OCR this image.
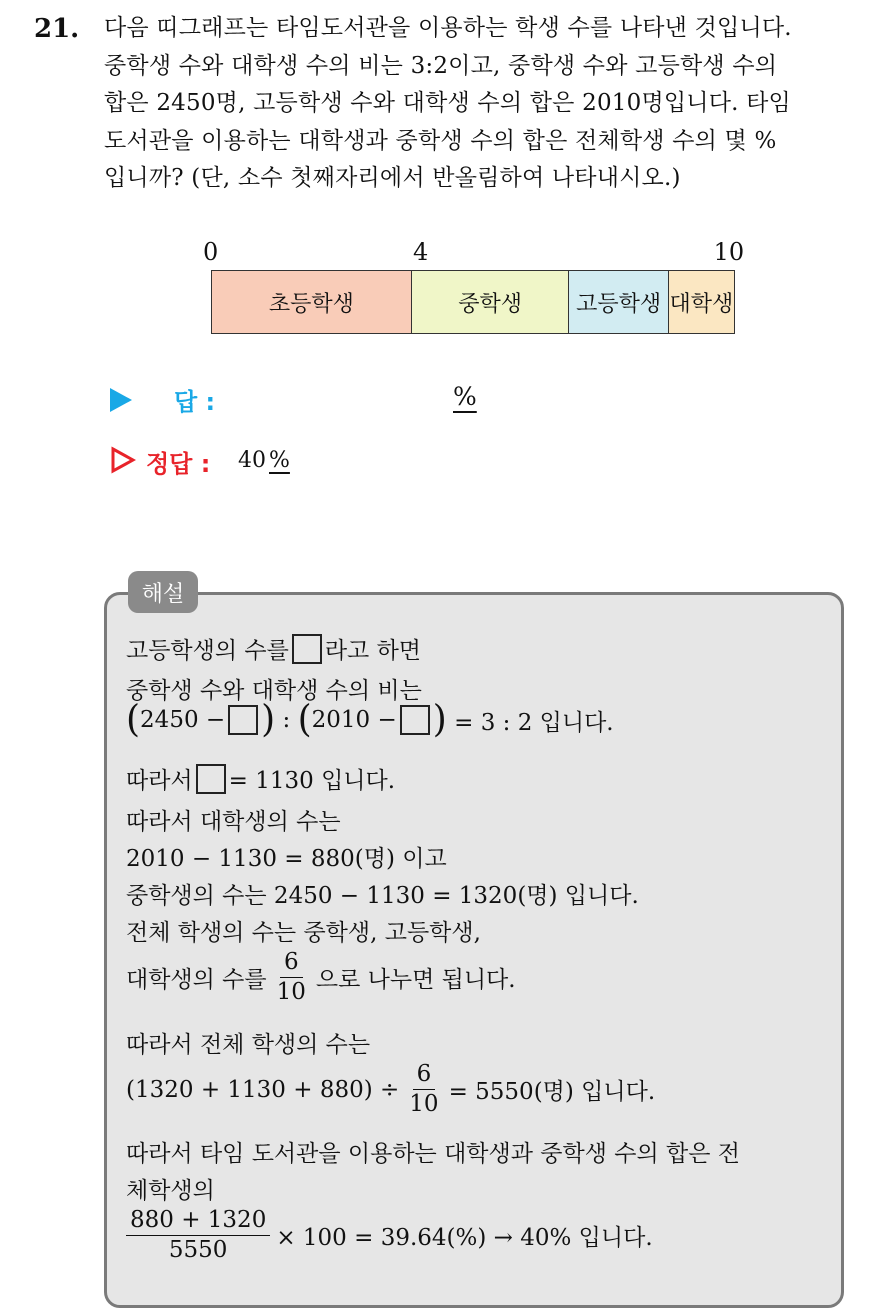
21. 다음 띠그래프는 타임도서관을 이용하는 학생 수를 나타낸 것입니다.
중학생 수와 대학생 수의 비는 3:2이고, 중학생 수와 고등학생 수의
합은 2450명, 고등학생 수와 대학생 수의 합은 2010명입니다. 타임
도서관을 이용하는 대학생과 중학생 수의 합은 전체학생 수의 몇 %
입니까? (단, 소수 첫째자리에서 반올림하여 나타내시오.)
0	4	10
초등학생	중학생	고등학생 대학생
답 :	%
정답 : 40 %
해설
고등학생의 수를 라고 하면
중학생 수와 대학생 수의 비는
( 2450 − ) : ( 2010 − ) = 3 : 2 입니다.
따라서 = 1130 입니다.
따라서 대학생의 수는
2010 − 1130 = 880(명) 이고
중학생의 수는 2450 − 1130 = 1320(명) 입니다.
전체 학생의 수는 중학생, 고등학생,
대학생의 수를 $\frac{6}{10}$ 으로 나누면 됩니다.
따라서 전체 학생의 수는
$(1320 + 1130 + 880) \div \frac{6}{10} = 5550$(명) 입니다.
따라서 타임 도서관을 이용하는 대학생과 중학생 수의 합은 전
체학생의
$\frac{880 + 1320}{5550} \times 100 = 39.64(\%) \to 40\%$ 입니다.
